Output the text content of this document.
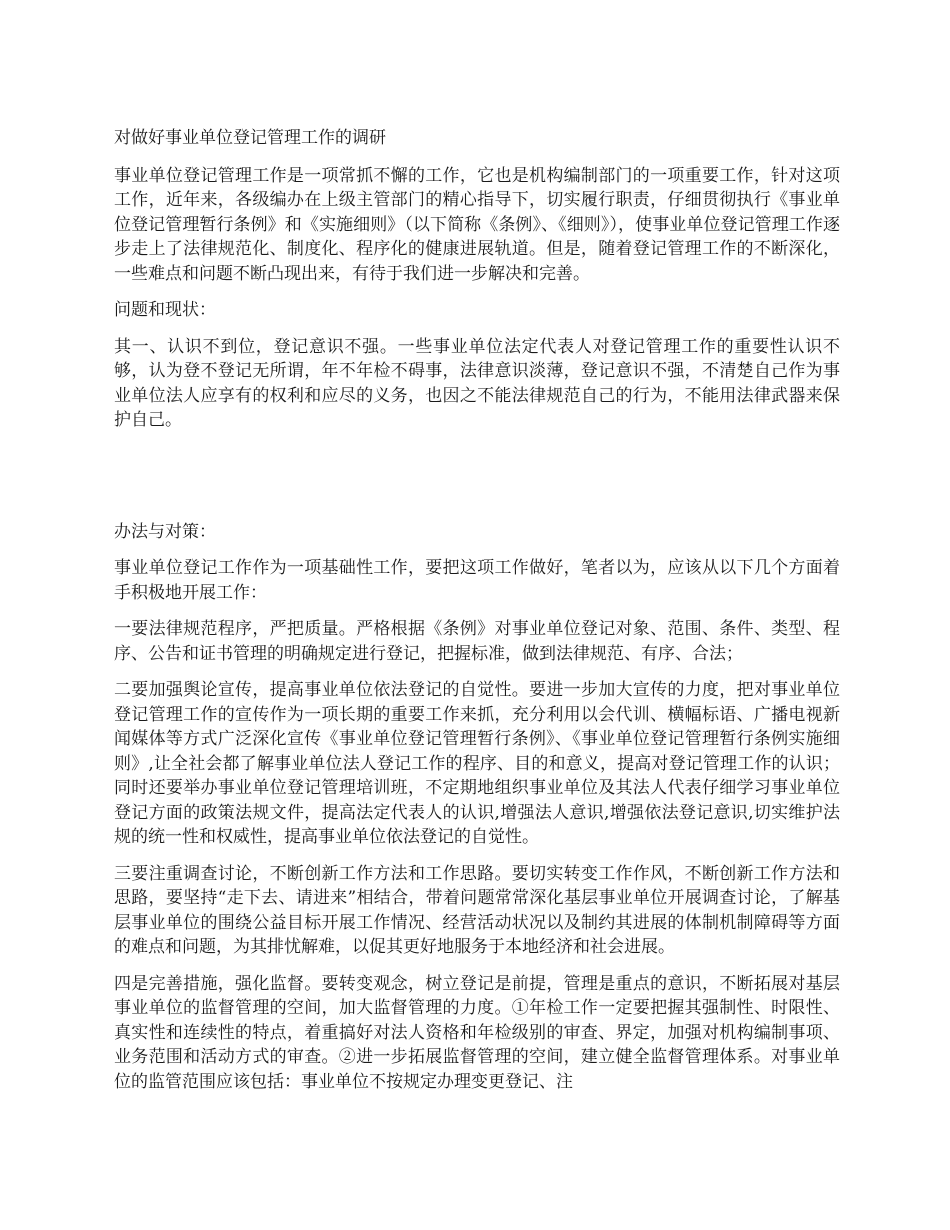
对做好事业单位登记管理工作的调研

事业单位登记管理工作是一项常抓不懈的工作，它也是机构编制部门的一项重要工作，针对这项工作，近年来，各级编办在上级主管部门的精心指导下，切实履行职责，仔细贯彻执行《事业单位登记管理暂行条例》和《实施细则》（以下简称《条例》、《细则》），使事业单位登记管理工作逐步走上了法律规范化、制度化、程序化的健康进展轨道。但是，随着登记管理工作的不断深化，一些难点和问题不断凸现出来，有待于我们进一步解决和完善。

问题和现状：

其一、认识不到位，登记意识不强。一些事业单位法定代表人对登记管理工作的重要性认识不够，认为登不登记无所谓，年不年检不碍事，法律意识淡薄，登记意识不强，不清楚自己作为事业单位法人应享有的权利和应尽的义务，也因之不能法律规范自己的行为，不能用法律武器来保护自己。

办法与对策：

事业单位登记工作作为一项基础性工作，要把这项工作做好，笔者以为，应该从以下几个方面着手积极地开展工作：

一要法律规范程序，严把质量。严格根据《条例》对事业单位登记对象、范围、条件、类型、程序、公告和证书管理的明确规定进行登记，把握标准，做到法律规范、有序、合法；

二要加强舆论宣传，提高事业单位依法登记的自觉性。要进一步加大宣传的力度，把对事业单位登记管理工作的宣传作为一项长期的重要工作来抓，充分利用以会代训、横幅标语、广播电视新闻媒体等方式广泛深化宣传《事业单位登记管理暂行条例》、《事业单位登记管理暂行条例实施细则》,让全社会都了解事业单位法人登记工作的程序、目的和意义，提高对登记管理工作的认识；同时还要举办事业单位登记管理培训班，不定期地组织事业单位及其法人代表仔细学习事业单位登记方面的政策法规文件，提高法定代表人的认识,增强法人意识,增强依法登记意识,切实维护法规的统一性和权威性，提高事业单位依法登记的自觉性。

三要注重调查讨论，不断创新工作方法和工作思路。要切实转变工作作风，不断创新工作方法和思路，要坚持“走下去、请进来”相结合，带着问题常常深化基层事业单位开展调查讨论，了解基层事业单位的围绕公益目标开展工作情况、经营活动状况以及制约其进展的体制机制障碍等方面的难点和问题，为其排忧解难，以促其更好地服务于本地经济和社会进展。

四是完善措施，强化监督。要转变观念，树立登记是前提，管理是重点的意识，不断拓展对基层事业单位的监督管理的空间，加大监督管理的力度。①年检工作一定要把握其强制性、时限性、真实性和连续性的特点，着重搞好对法人资格和年检级别的审查、界定，加强对机构编制事项、业务范围和活动方式的审查。②进一步拓展监督管理的空间，建立健全监督管理体系。对事业单位的监管范围应该包括：事业单位不按规定办理变更登记、注
